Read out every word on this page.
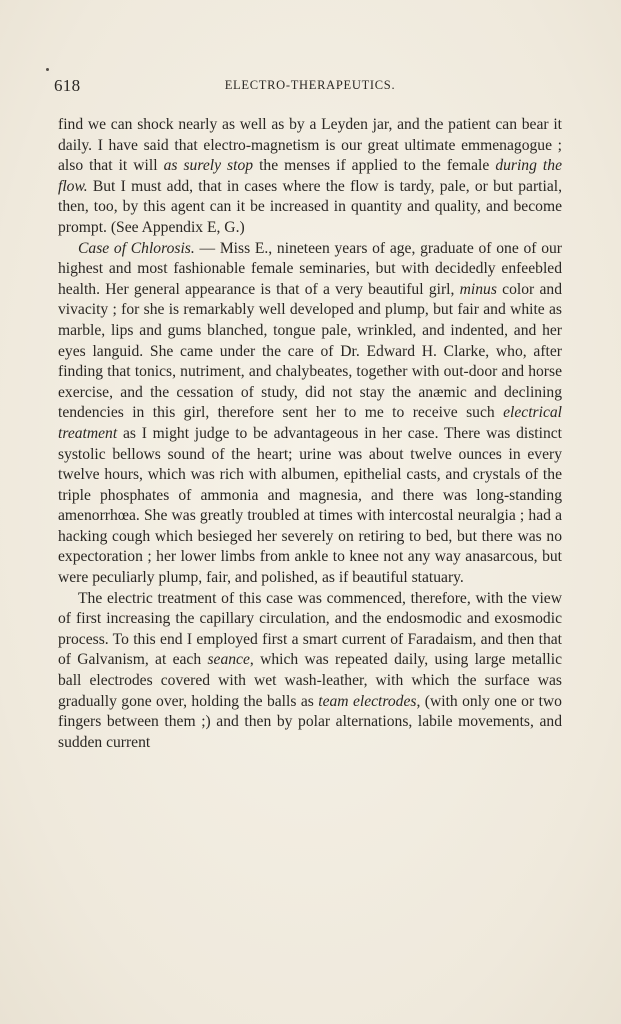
618	ELECTRO-THERAPEUTICS.

find we can shock nearly as well as by a Leyden jar, and the patient can bear it daily. I have said that electro-magnetism is our great ultimate emmenagogue ; also that it will as surely stop the menses if applied to the female during the flow. But I must add, that in cases where the flow is tardy, pale, or but partial, then, too, by this agent can it be increased in quantity and quality, and become prompt. (See Appendix E, G.)

Case of Chlorosis. — Miss E., nineteen years of age, graduate of one of our highest and most fashionable female seminaries, but with decidedly enfeebled health. Her general appearance is that of a very beautiful girl, minus color and vivacity ; for she is remarkably well developed and plump, but fair and white as marble, lips and gums blanched, tongue pale, wrinkled, and indented, and her eyes languid. She came under the care of Dr. Edward H. Clarke, who, after finding that tonics, nutriment, and chalybeates, together with out-door and horse exercise, and the cessation of study, did not stay the anæmic and declining tendencies in this girl, therefore sent her to me to receive such electrical treatment as I might judge to be advantageous in her case. There was distinct systolic bellows sound of the heart; urine was about twelve ounces in every twelve hours, which was rich with albumen, epithelial casts, and crystals of the triple phosphates of ammonia and magnesia, and there was long-standing amenorrhœa. She was greatly troubled at times with intercostal neuralgia ; had a hacking cough which besieged her severely on retiring to bed, but there was no expectoration ; her lower limbs from ankle to knee not any way anasarcous, but were peculiarly plump, fair, and polished, as if beautiful statuary.

The electric treatment of this case was commenced, therefore, with the view of first increasing the capillary circulation, and the endosmodic and exosmodic process. To this end I employed first a smart current of Faradaism, and then that of Galvanism, at each seance, which was repeated daily, using large metallic ball electrodes covered with wet wash-leather, with which the surface was gradually gone over, holding the balls as team electrodes, (with only one or two fingers between them ;) and then by polar alternations, labile movements, and sudden current
